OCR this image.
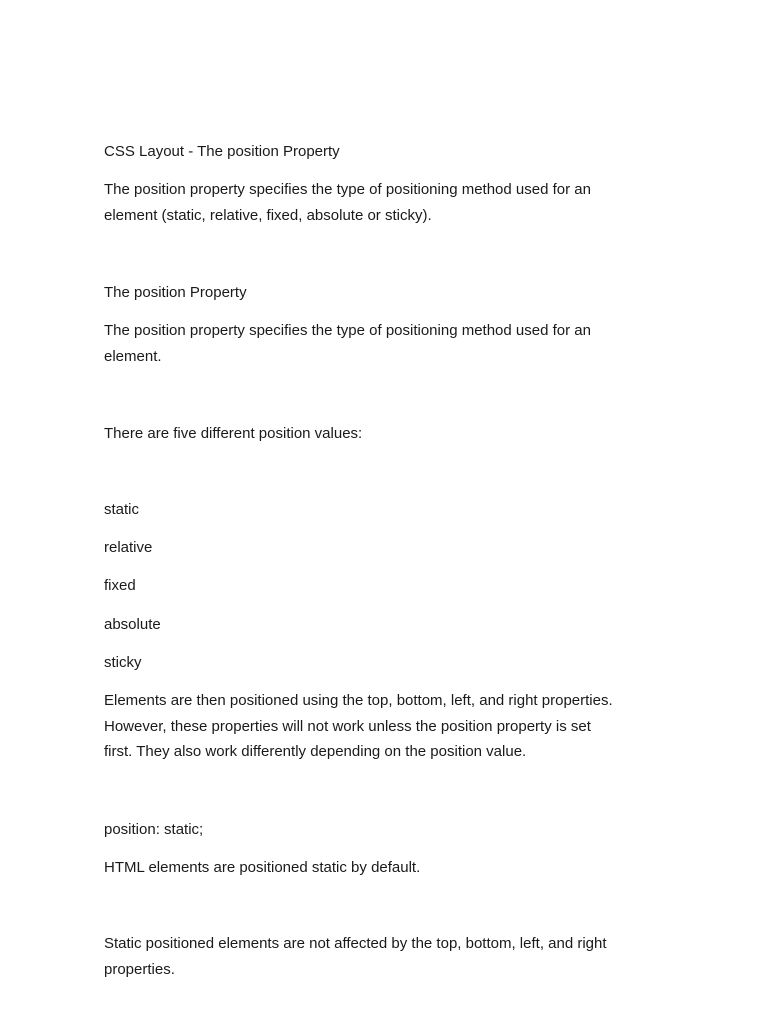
CSS Layout - The position Property
The position property specifies the type of positioning method used for an
element (static, relative, fixed, absolute or sticky).
The position Property
The position property specifies the type of positioning method used for an
element.
There are five different position values:
static
relative
fixed
absolute
sticky
Elements are then positioned using the top, bottom, left, and right properties.
However, these properties will not work unless the position property is set
first. They also work differently depending on the position value.
position: static;
HTML elements are positioned static by default.
Static positioned elements are not affected by the top, bottom, left, and right
properties.
